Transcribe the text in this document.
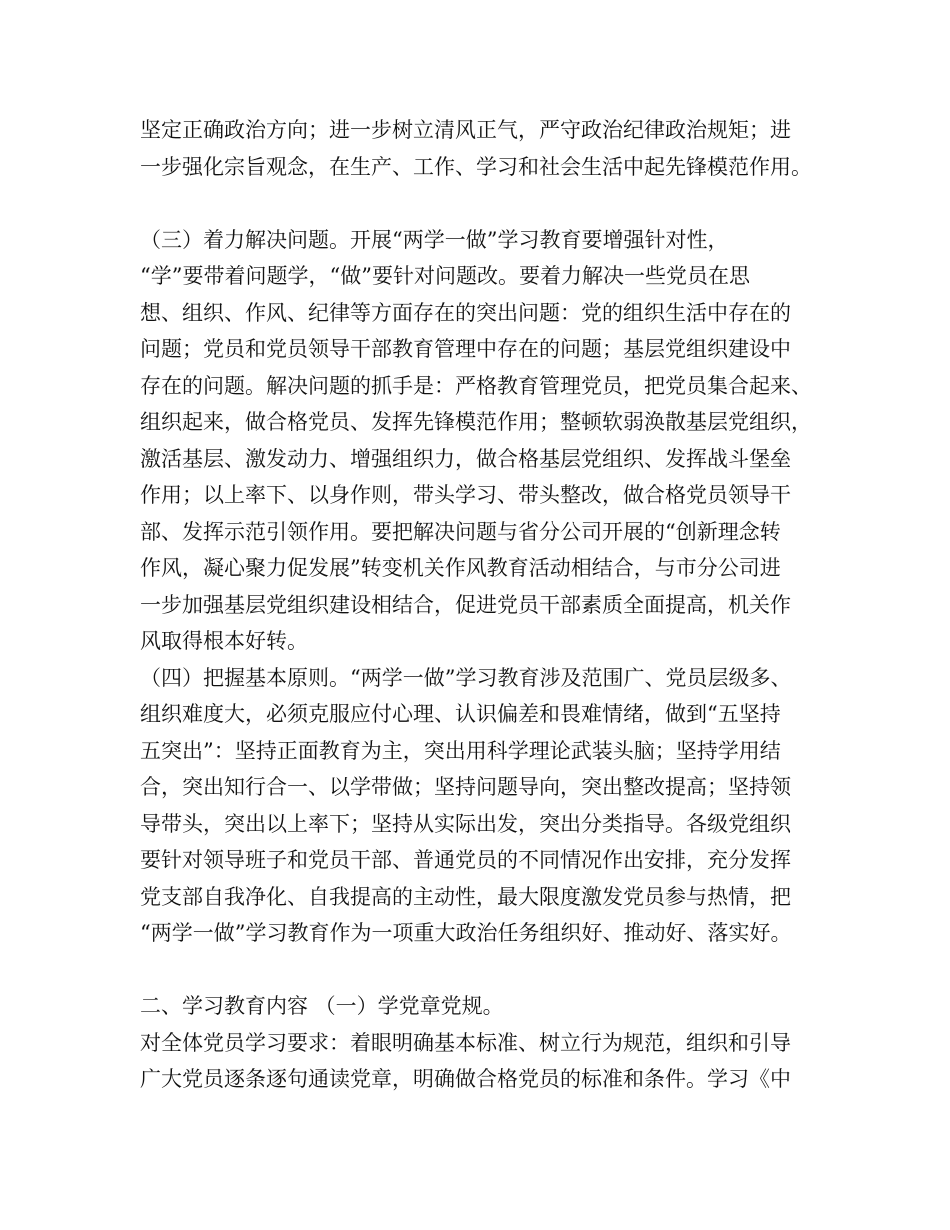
坚定正确政治方向；进一步树立清风正气，严守政治纪律政治规矩；进
一步强化宗旨观念，在生产、工作、学习和社会生活中起先锋模范作用。
（三）着力解决问题。开展“两学一做”学习教育要增强针对性，
“学”要带着问题学，“做”要针对问题改。要着力解决一些党员在思
想、组织、作风、纪律等方面存在的突出问题：党的组织生活中存在的
问题；党员和党员领导干部教育管理中存在的问题；基层党组织建设中
存在的问题。解决问题的抓手是：严格教育管理党员，把党员集合起来、
组织起来，做合格党员、发挥先锋模范作用；整顿软弱涣散基层党组织，
激活基层、激发动力、增强组织力，做合格基层党组织、发挥战斗堡垒
作用；以上率下、以身作则，带头学习、带头整改，做合格党员领导干
部、发挥示范引领作用。要把解决问题与省分公司开展的“创新理念转
作风，凝心聚力促发展”转变机关作风教育活动相结合，与市分公司进
一步加强基层党组织建设相结合，促进党员干部素质全面提高，机关作
风取得根本好转。
（四）把握基本原则。“两学一做”学习教育涉及范围广、党员层级多、
组织难度大，必须克服应付心理、认识偏差和畏难情绪，做到“五坚持
五突出”：坚持正面教育为主，突出用科学理论武装头脑；坚持学用结
合，突出知行合一、以学带做；坚持问题导向，突出整改提高；坚持领
导带头，突出以上率下；坚持从实际出发，突出分类指导。各级党组织
要针对领导班子和党员干部、普通党员的不同情况作出安排，充分发挥
党支部自我净化、自我提高的主动性，最大限度激发党员参与热情，把
“两学一做”学习教育作为一项重大政治任务组织好、推动好、落实好。
二、学习教育内容 （一）学党章党规。
对全体党员学习要求：着眼明确基本标准、树立行为规范，组织和引导
广大党员逐条逐句通读党章，明确做合格党员的标准和条件。学习《中
